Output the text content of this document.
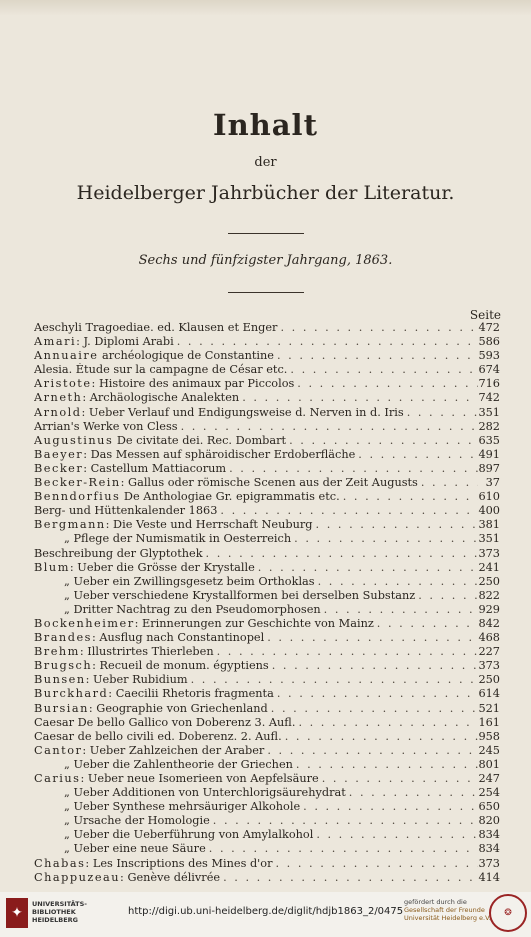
Inhalt
der
Heidelberger Jahrbücher der Literatur.
Sechs und fünfzigster Jahrgang, 1863.
Seite
Aeschyli Tragoediae. ed. Klausen et Enger . . .	472
Amari: J. Diplomi Arabi . . .	586
Annuaire archéologique de Constantine . . .	593
Alesia. Étude sur la campagne de César etc. . . .	674
Aristote: Histoire des animaux par Piccolos . . .	716
Arneth: Archäologische Analekten . . .	742
Arnold: Ueber Verlauf und Endigungsweise d. Nerven in d. Iris . . .	351
Arrian's Werke von Cless . . .	282
Augustinus De civitate dei. Rec. Dombart . . .	635
Baeyer: Das Messen auf sphäroidischer Erdoberfläche . . .	491
Becker: Castellum Mattiacorum . . .	897
Becker-Rein: Gallus oder römische Scenen aus der Zeit Augusts . . .	37
Benndorfius De Anthologiae Gr. epigrammatis etc. . . .	610
Berg- und Hüttenkalender 1863 . . .	400
Bergmann: Die Veste und Herrschaft Neuburg . . .	381
„ Pflege der Numismatik in Oesterreich . . .	351
Beschreibung der Glyptothek . . .	373
Blum: Ueber die Grösse der Krystalle . . .	241
„ Ueber ein Zwillingsgesetz beim Orthoklas . . .	250
„ Ueber verschiedene Krystallformen bei derselben Substanz . . .	822
„ Dritter Nachtrag zu den Pseudomorphosen . . .	929
Bockenheimer: Erinnerungen zur Geschichte von Mainz . . .	842
Brandes: Ausflug nach Constantinopel . . .	468
Brehm: Illustrirtes Thierleben . . .	227
Brugsch: Recueil de monum. égyptiens . . .	373
Bunsen: Ueber Rubidium . . .	250
Burckhard: Caecilii Rhetoris fragmenta . . .	614
Bursian: Geographie von Griechenland . . .	521
Caesar De bello Gallico von Doberenz 3. Aufl. . . .	161
Caesar de bello civili ed. Doberenz. 2. Aufl. . . .	958
Cantor: Ueber Zahlzeichen der Araber . . .	245
„ Ueber die Zahlentheorie der Griechen . . .	801
Carius: Ueber neue Isomerieen von Aepfelsäure . . .	247
„ Ueber Additionen von Unterchlorigsäurehydrat . . .	254
„ Ueber Synthese mehrsäuriger Alkohole . . .	650
„ Ursache der Homologie . . .	820
„ Ueber die Ueberführung von Amylalkohol . . .	834
„ Ueber eine neue Säure . . .	834
Chabas: Les Inscriptions des Mines d'or . . .	373
Chappuzeau: Genève délivrée . . .	414
✦
UNIVERSITÄTS-
BIBLIOTHEK
HEIDELBERG
http://digi.ub.uni-heidelberg.de/diglit/hdjb1863_2/0475
gefördert durch die
Gesellschaft der Freunde
Universität Heidelberg e.V.	❂
